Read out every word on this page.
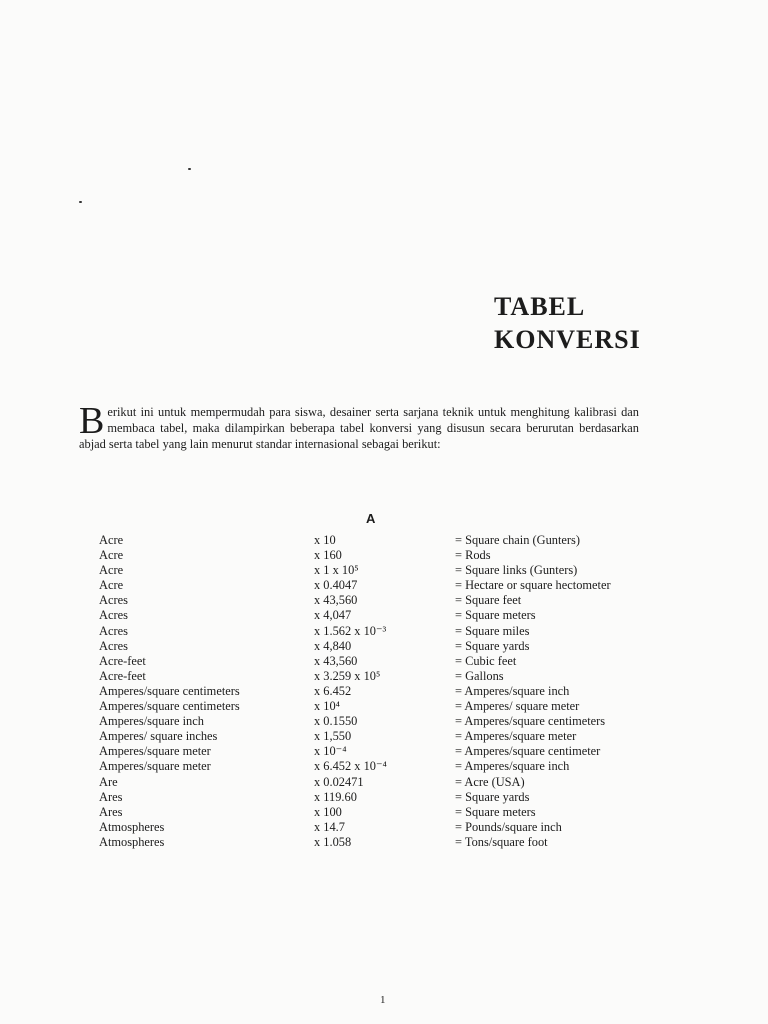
TABEL
KONVERSI

Berikut ini untuk mempermudah para siswa, desainer serta sarjana teknik untuk menghitung kalibrasi dan membaca tabel, maka dilampirkan beberapa tabel konversi yang disusun secara berurutan berdasarkan abjad serta tabel yang lain menurut standar internasional sebagai berikut:

A

Acre	x 10	= Square chain (Gunters)
Acre	x 160	= Rods
Acre	x 1 x 10⁵	= Square links (Gunters)
Acre	x 0.4047	= Hectare or square hectometer
Acres	x 43,560	= Square feet
Acres	x 4,047	= Square meters
Acres	x 1.562 x 10⁻³	= Square miles
Acres	x 4,840	= Square yards
Acre-feet	x 43,560	= Cubic feet
Acre-feet	x 3.259 x 10⁵	= Gallons
Amperes/square centimeters	x 6.452	= Amperes/square inch
Amperes/square centimeters	x 10⁴	= Amperes/ square meter
Amperes/square inch	x 0.1550	= Amperes/square centimeters
Amperes/ square inches	x 1,550	= Amperes/square meter
Amperes/square meter	x 10⁻⁴	= Amperes/square centimeter
Amperes/square meter	x 6.452 x 10⁻⁴	= Amperes/square inch
Are	x 0.02471	= Acre (USA)
Ares	x 119.60	= Square yards
Ares	x 100	= Square meters
Atmospheres	x 14.7	= Pounds/square inch
Atmospheres	x 1.058	= Tons/square foot

1
